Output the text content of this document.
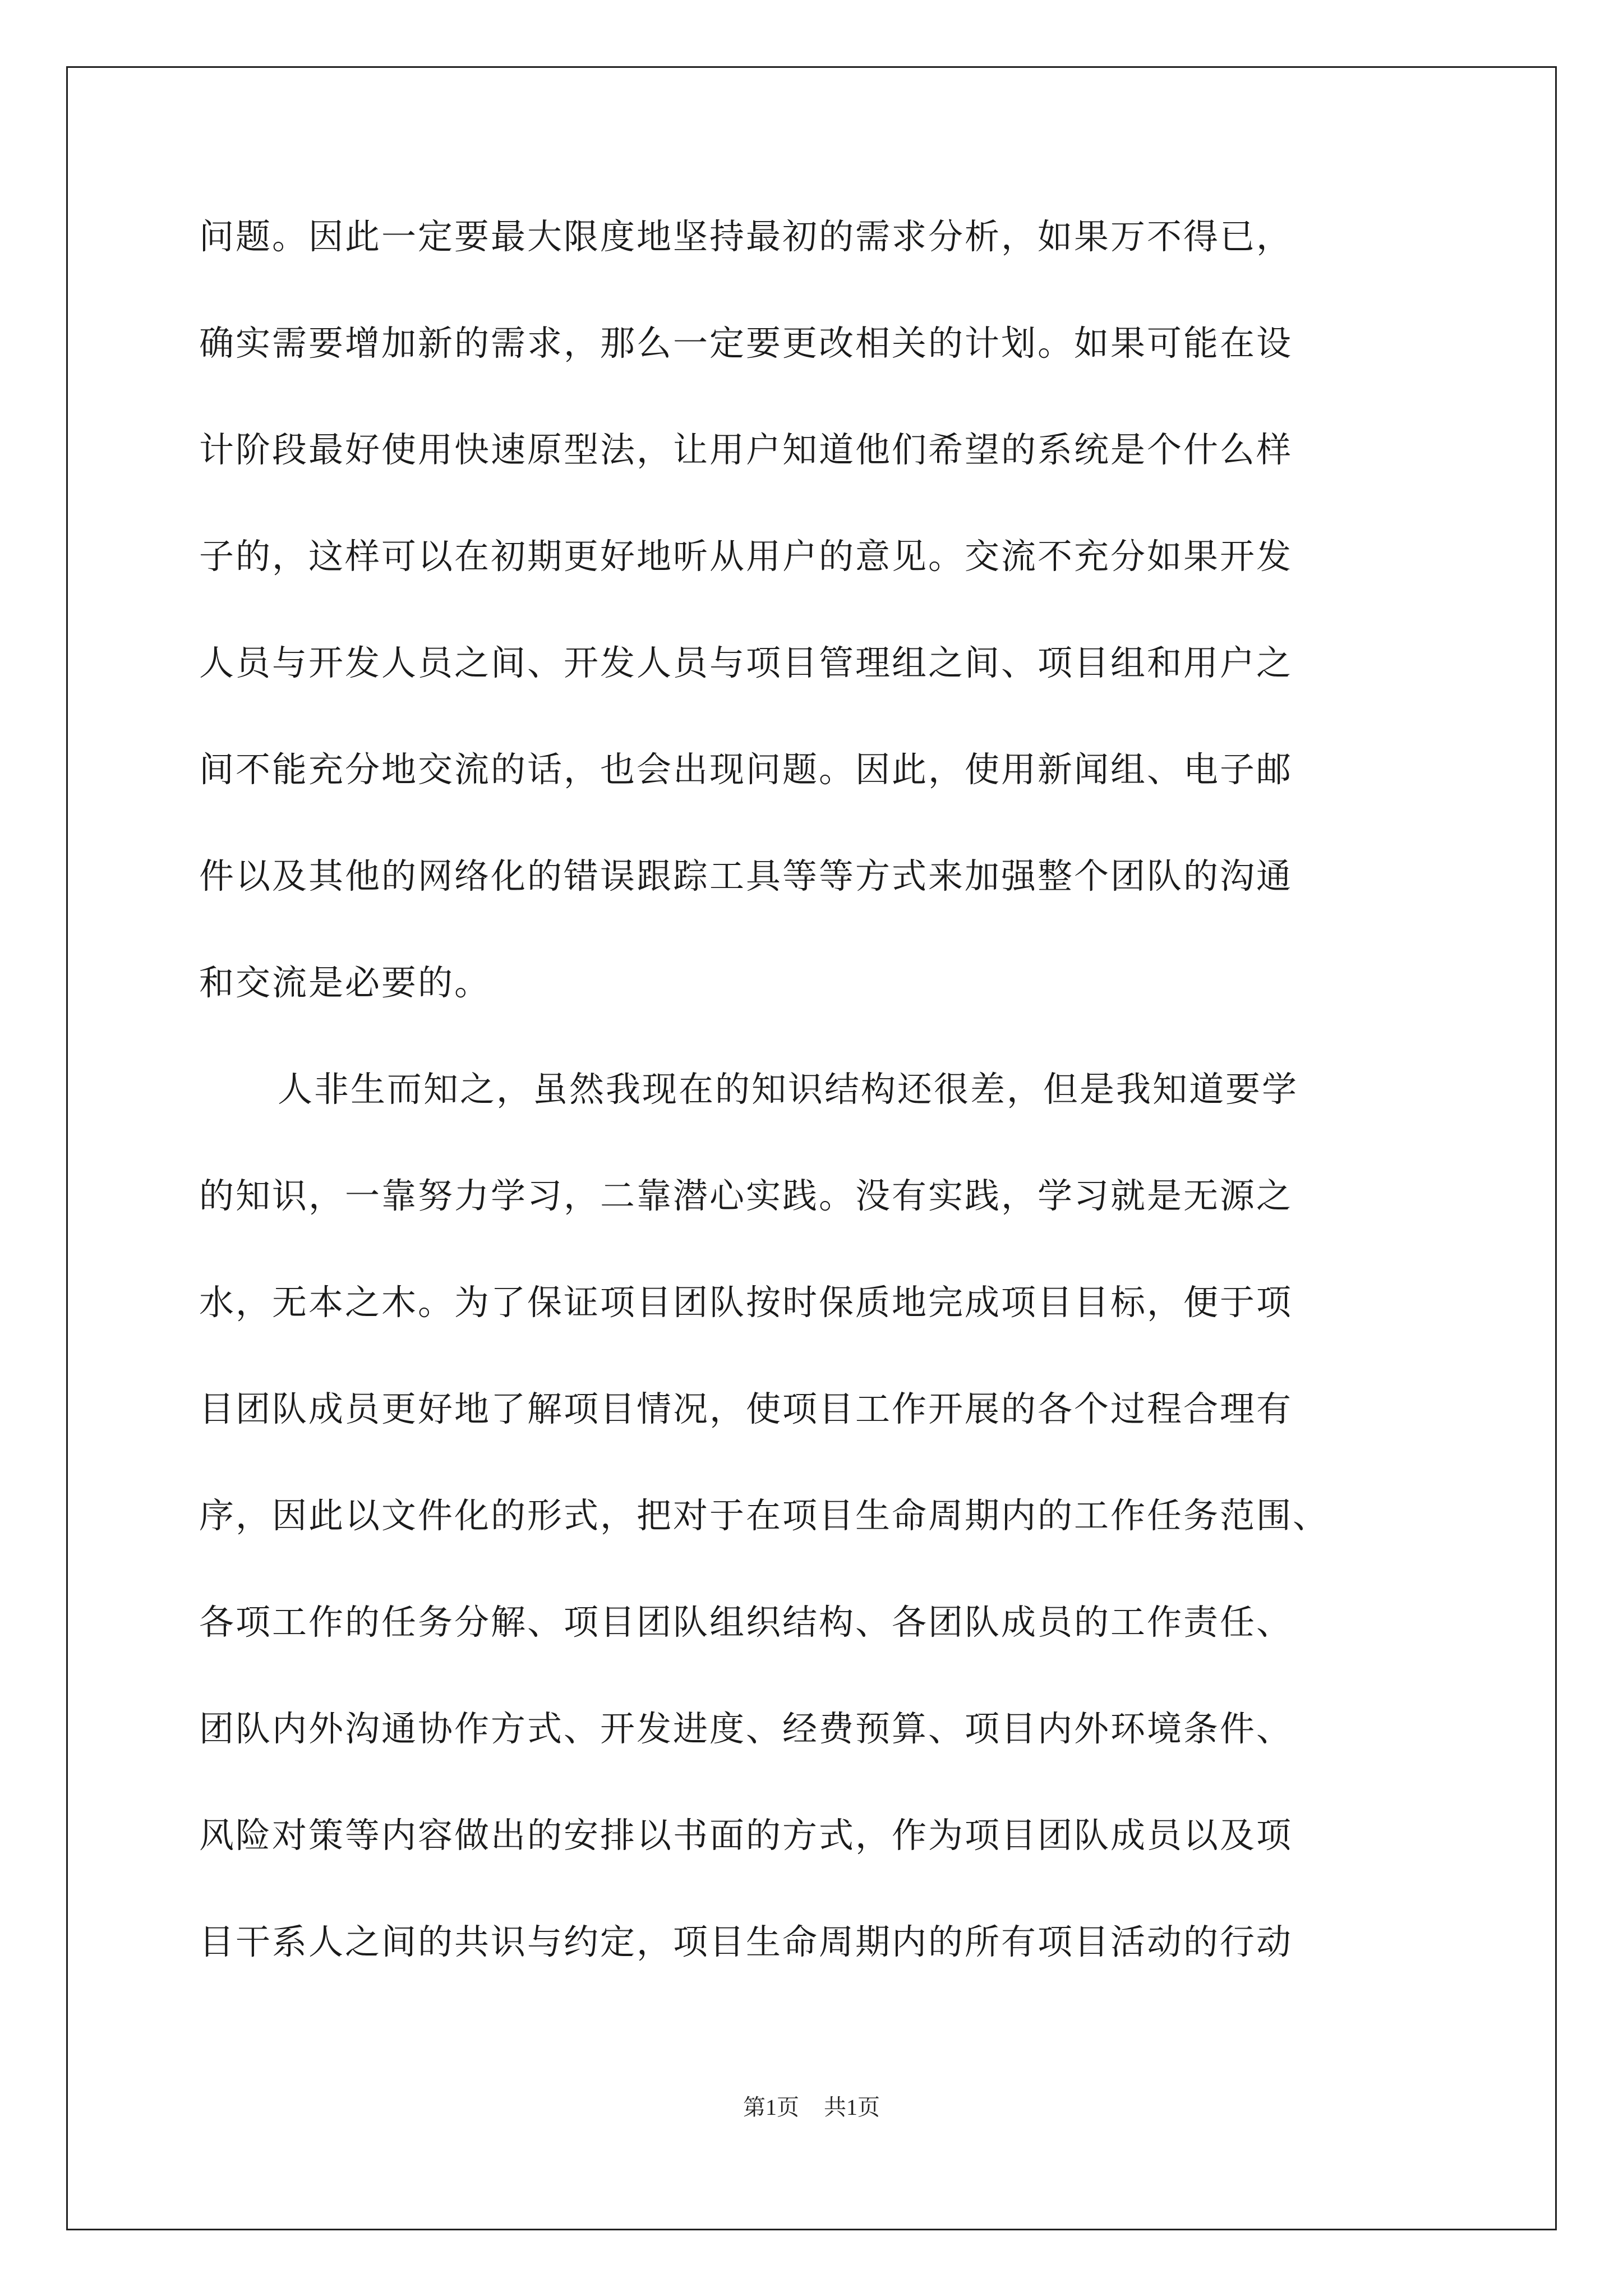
问题。因此一定要最大限度地坚持最初的需求分析，如果万不得已，
确实需要增加新的需求，那么一定要更改相关的计划。如果可能在设
计阶段最好使用快速原型法，让用户知道他们希望的系统是个什么样
子的，这样可以在初期更好地听从用户的意见。交流不充分如果开发
人员与开发人员之间、开发人员与项目管理组之间、项目组和用户之
间不能充分地交流的话，也会出现问题。因此，使用新闻组、电子邮
件以及其他的网络化的错误跟踪工具等等方式来加强整个团队的沟通
和交流是必要的。
人非生而知之，虽然我现在的知识结构还很差，但是我知道要学
的知识，一靠努力学习，二靠潜心实践。没有实践，学习就是无源之
水，无本之木。为了保证项目团队按时保质地完成项目目标，便于项
目团队成员更好地了解项目情况，使项目工作开展的各个过程合理有
序，因此以文件化的形式，把对于在项目生命周期内的工作任务范围、
各项工作的任务分解、项目团队组织结构、各团队成员的工作责任、
团队内外沟通协作方式、开发进度、经费预算、项目内外环境条件、
风险对策等内容做出的安排以书面的方式，作为项目团队成员以及项
目干系人之间的共识与约定，项目生命周期内的所有项目活动的行动
第1页 共1页
